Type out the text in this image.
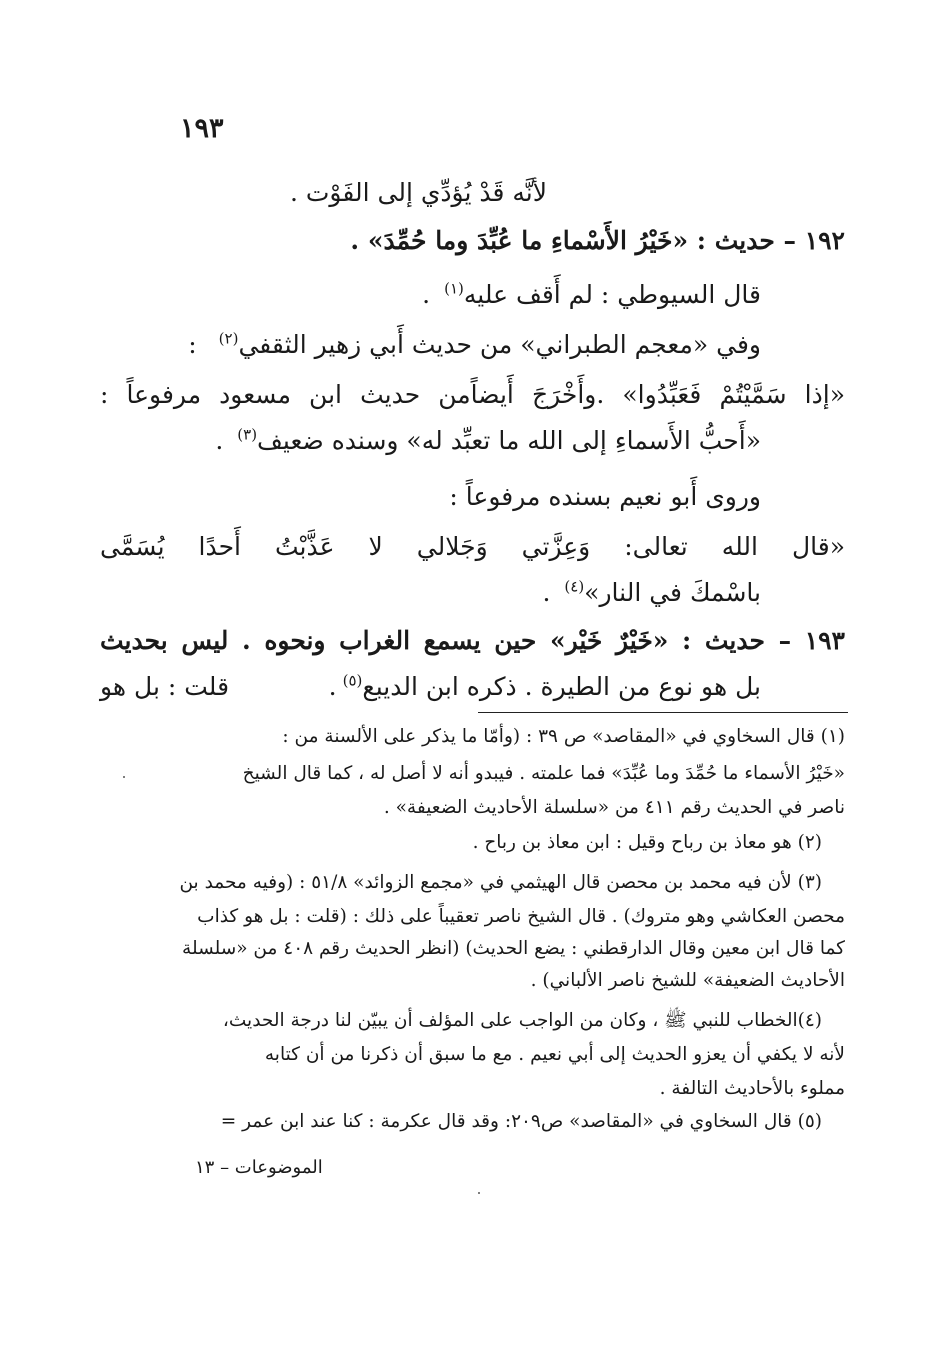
١٩٣
لأنَّه قَدْ يُؤدِّي إلى الفَوْت .
١٩٢ – حديث : «خَيْرُ الأَسْماءِ ما عُبِّدَ وما حُمِّدَ» .
قال السيوطي : لم أَقف عليه$^{(١)}$.
وفي «معجم الطبراني» من حديث أَبي زهير الثقفي$^{(٢)}$:
«إذا سَمَّيْتُمْ فَعَبِّدُوا» .وأَخْرَجَ أَيضاًمن حديث ابن مسعود مرفوعاً :
«أَحبُّ الأَسماءِ إلى الله ما تعبِّد له» وسنده ضعيف$^{(٣)}$.
وروى أَبو نعيم بسنده مرفوعاً :
«قال الله تعالى: وَعِزَّتي وَجَلالي لا عَذَّبْتُ أَحدًا يُسَمَّى
باسْمكَ في النار»$^{(٤)}$.
١٩٣ – حديث : «خَيْرٌ خَيْر» حين يسمع الغراب ونحوه . ليس بحديث
بل هو نوع من الطيرة . ذكره ابن الديبع$^{(٥)}$.
قلت : بل هو
(١) قال السخاوي في «المقاصد» ص ٣٩ : (وأمّا ما يذكر على الألسنة من :
«خَيْرُ الأسماء ما حُمِّدَ وما عُبِّدَ» فما علمته . فيبدو أنه لا أصل له ، كما قال الشيخ
ناصر في الحديث رقم ٤١١ من «سلسلة الأحاديث الضعيفة» .
(٢) هو معاذ بن رباح وقيل : ابن معاذ بن رباح .
(٣) لأن فيه محمد بن محصن قال الهيثمي في «مجمع الزوائد» ٥١/٨ : (وفيه محمد بن
محصن العكاشي وهو متروك) . قال الشيخ ناصر تعقيباً على ذلك : (قلت : بل هو كذاب
كما قال ابن معين وقال الدارقطني : يضع الحديث) (انظر الحديث رقم ٤٠٨ من «سلسلة
الأحاديث الضعيفة» للشيخ ناصر الألباني) .
(٤)الخطاب للنبي ﷺ ، وكان من الواجب على المؤلف أن يبيّن لنا درجة الحديث،
لأنه لا يكفي أن يعزو الحديث إلى أبي نعيم . مع ما سبق أن ذكرنا من أن كتابه
مملوء بالأحاديث التالفة .
(٥) قال السخاوي في «المقاصد» ص٢٠٩: وقد قال عكرمة : كنا عند ابن عمر =
الموضوعات – ١٣
